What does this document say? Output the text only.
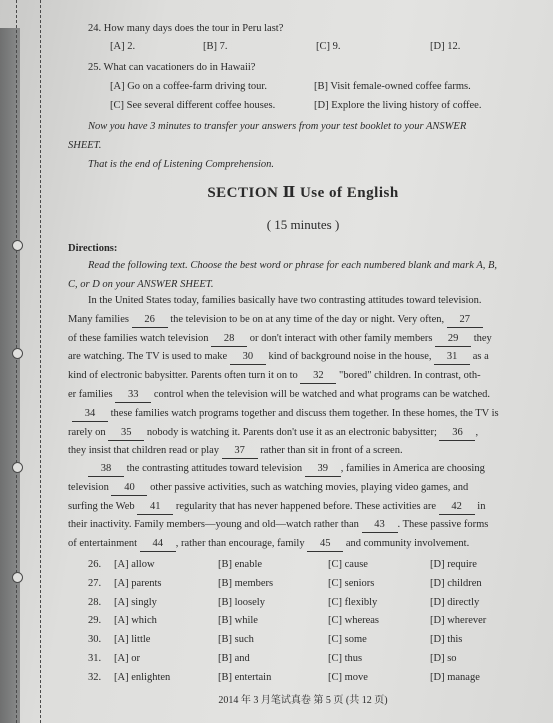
24. How many days does the tour in Peru last?
[A] 2.	[B] 7.	[C] 9.	[D] 12.
25. What can vacationers do in Hawaii?
[A] Go on a coffee-farm driving tour.	[B] Visit female-owned coffee farms.
[C] See several different coffee houses.	[D] Explore the living history of coffee.
Now you have 3 minutes to transfer your answers from your test booklet to your ANSWER
SHEET.
That is the end of Listening Comprehension.
SECTION Ⅱ Use of English
( 15 minutes )
Directions:
Read the following text. Choose the best word or phrase for each numbered blank and mark A, B,
C, or D on your ANSWER SHEET.
In the United States today, families basically have two contrasting attitudes toward television.
Many families 26 the television to be on at any time of the day or night. Very often, 27
of these families watch television 28 or don't interact with other family members 29 they
are watching. The TV is used to make 30 kind of background noise in the house, 31 as a
kind of electronic babysitter. Parents often turn it on to 32 "bored" children. In contrast, oth-
er families 33 control when the television will be watched and what programs can be watched.
34 these families watch programs together and discuss them together. In these homes, the TV is
rarely on 35 nobody is watching it. Parents don't use it as an electronic babysitter; 36 ,
they insist that children read or play 37 rather than sit in front of a screen.
38 the contrasting attitudes toward television 39 , families in America are choosing
television 40 other passive activities, such as watching movies, playing video games, and
surfing the Web 41 regularity that has never happened before. These activities are 42 in
their inactivity. Family members—young and old—watch rather than 43 . These passive forms
of entertainment 44 , rather than encourage, family 45 and community involvement.
26. [A] allow	[B] enable	[C] cause	[D] require
27. [A] parents	[B] members	[C] seniors	[D] children
28. [A] singly	[B] loosely	[C] flexibly	[D] directly
29. [A] which	[B] while	[C] whereas	[D] wherever
30. [A] little	[B] such	[C] some	[D] this
31. [A] or	[B] and	[C] thus	[D] so
32. [A] enlighten	[B] entertain	[C] move	[D] manage
2014 年 3 月笔试真卷 第 5 页 (共 12 页)
